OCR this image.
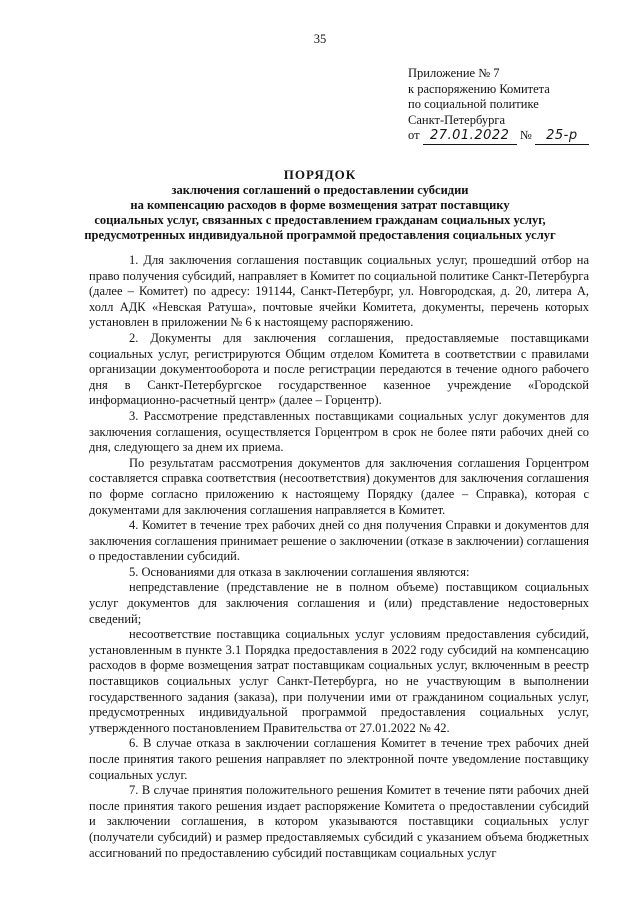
35
Приложение № 7
к распоряжению Комитета
по социальной политике
Санкт-Петербурга
от 27.01.2022 № 25-р
ПОРЯДОК
заключения соглашений о предоставлении субсидии
на компенсацию расходов в форме возмещения затрат поставщику
социальных услуг, связанных с предоставлением гражданам социальных услуг,
предусмотренных индивидуальной программой предоставления социальных услуг

1. Для заключения соглашения поставщик социальных услуг, прошедший отбор на право получения субсидий, направляет в Комитет по социальной политике Санкт-Петербурга (далее – Комитет) по адресу: 191144, Санкт-Петербург, ул. Новгородская, д. 20, литера А, холл АДК «Невская Ратуша», почтовые ячейки Комитета, документы, перечень которых установлен в приложении № 6 к настоящему распоряжению.

2. Документы для заключения соглашения, предоставляемые поставщиками социальных услуг, регистрируются Общим отделом Комитета в соответствии с правилами организации документооборота и после регистрации передаются в течение одного рабочего дня в Санкт-Петербургское государственное казенное учреждение «Городской информационно-расчетный центр» (далее – Горцентр).

3. Рассмотрение представленных поставщиками социальных услуг документов для заключения соглашения, осуществляется Горцентром в срок не более пяти рабочих дней со дня, следующего за днем их приема.

По результатам рассмотрения документов для заключения соглашения Горцентром составляется справка соответствия (несоответствия) документов для заключения соглашения по форме согласно приложению к настоящему Порядку (далее – Справка), которая с документами для заключения соглашения направляется в Комитет.

4. Комитет в течение трех рабочих дней со дня получения Справки и документов для заключения соглашения принимает решение о заключении (отказе в заключении) соглашения о предоставлении субсидий.

5. Основаниями для отказа в заключении соглашения являются:

непредставление (представление не в полном объеме) поставщиком социальных услуг документов для заключения соглашения и (или) представление недостоверных сведений;

несоответствие поставщика социальных услуг условиям предоставления субсидий, установленным в пункте 3.1 Порядка предоставления в 2022 году субсидий на компенсацию расходов в форме возмещения затрат поставщикам социальных услуг, включенным в реестр поставщиков социальных услуг Санкт-Петербурга, но не участвующим в выполнении государственного задания (заказа), при получении ими от гражданином социальных услуг, предусмотренных индивидуальной программой предоставления социальных услуг, утвержденного постановлением Правительства от 27.01.2022 № 42.

6. В случае отказа в заключении соглашения Комитет в течение трех рабочих дней после принятия такого решения направляет по электронной почте уведомление поставщику социальных услуг.

7. В случае принятия положительного решения Комитет в течение пяти рабочих дней после принятия такого решения издает распоряжение Комитета о предоставлении субсидий и заключении соглашения, в котором указываются поставщики социальных услуг (получатели субсидий) и размер предоставляемых субсидий с указанием объема бюджетных ассигнований по предоставлению субсидий поставщикам социальных услуг
